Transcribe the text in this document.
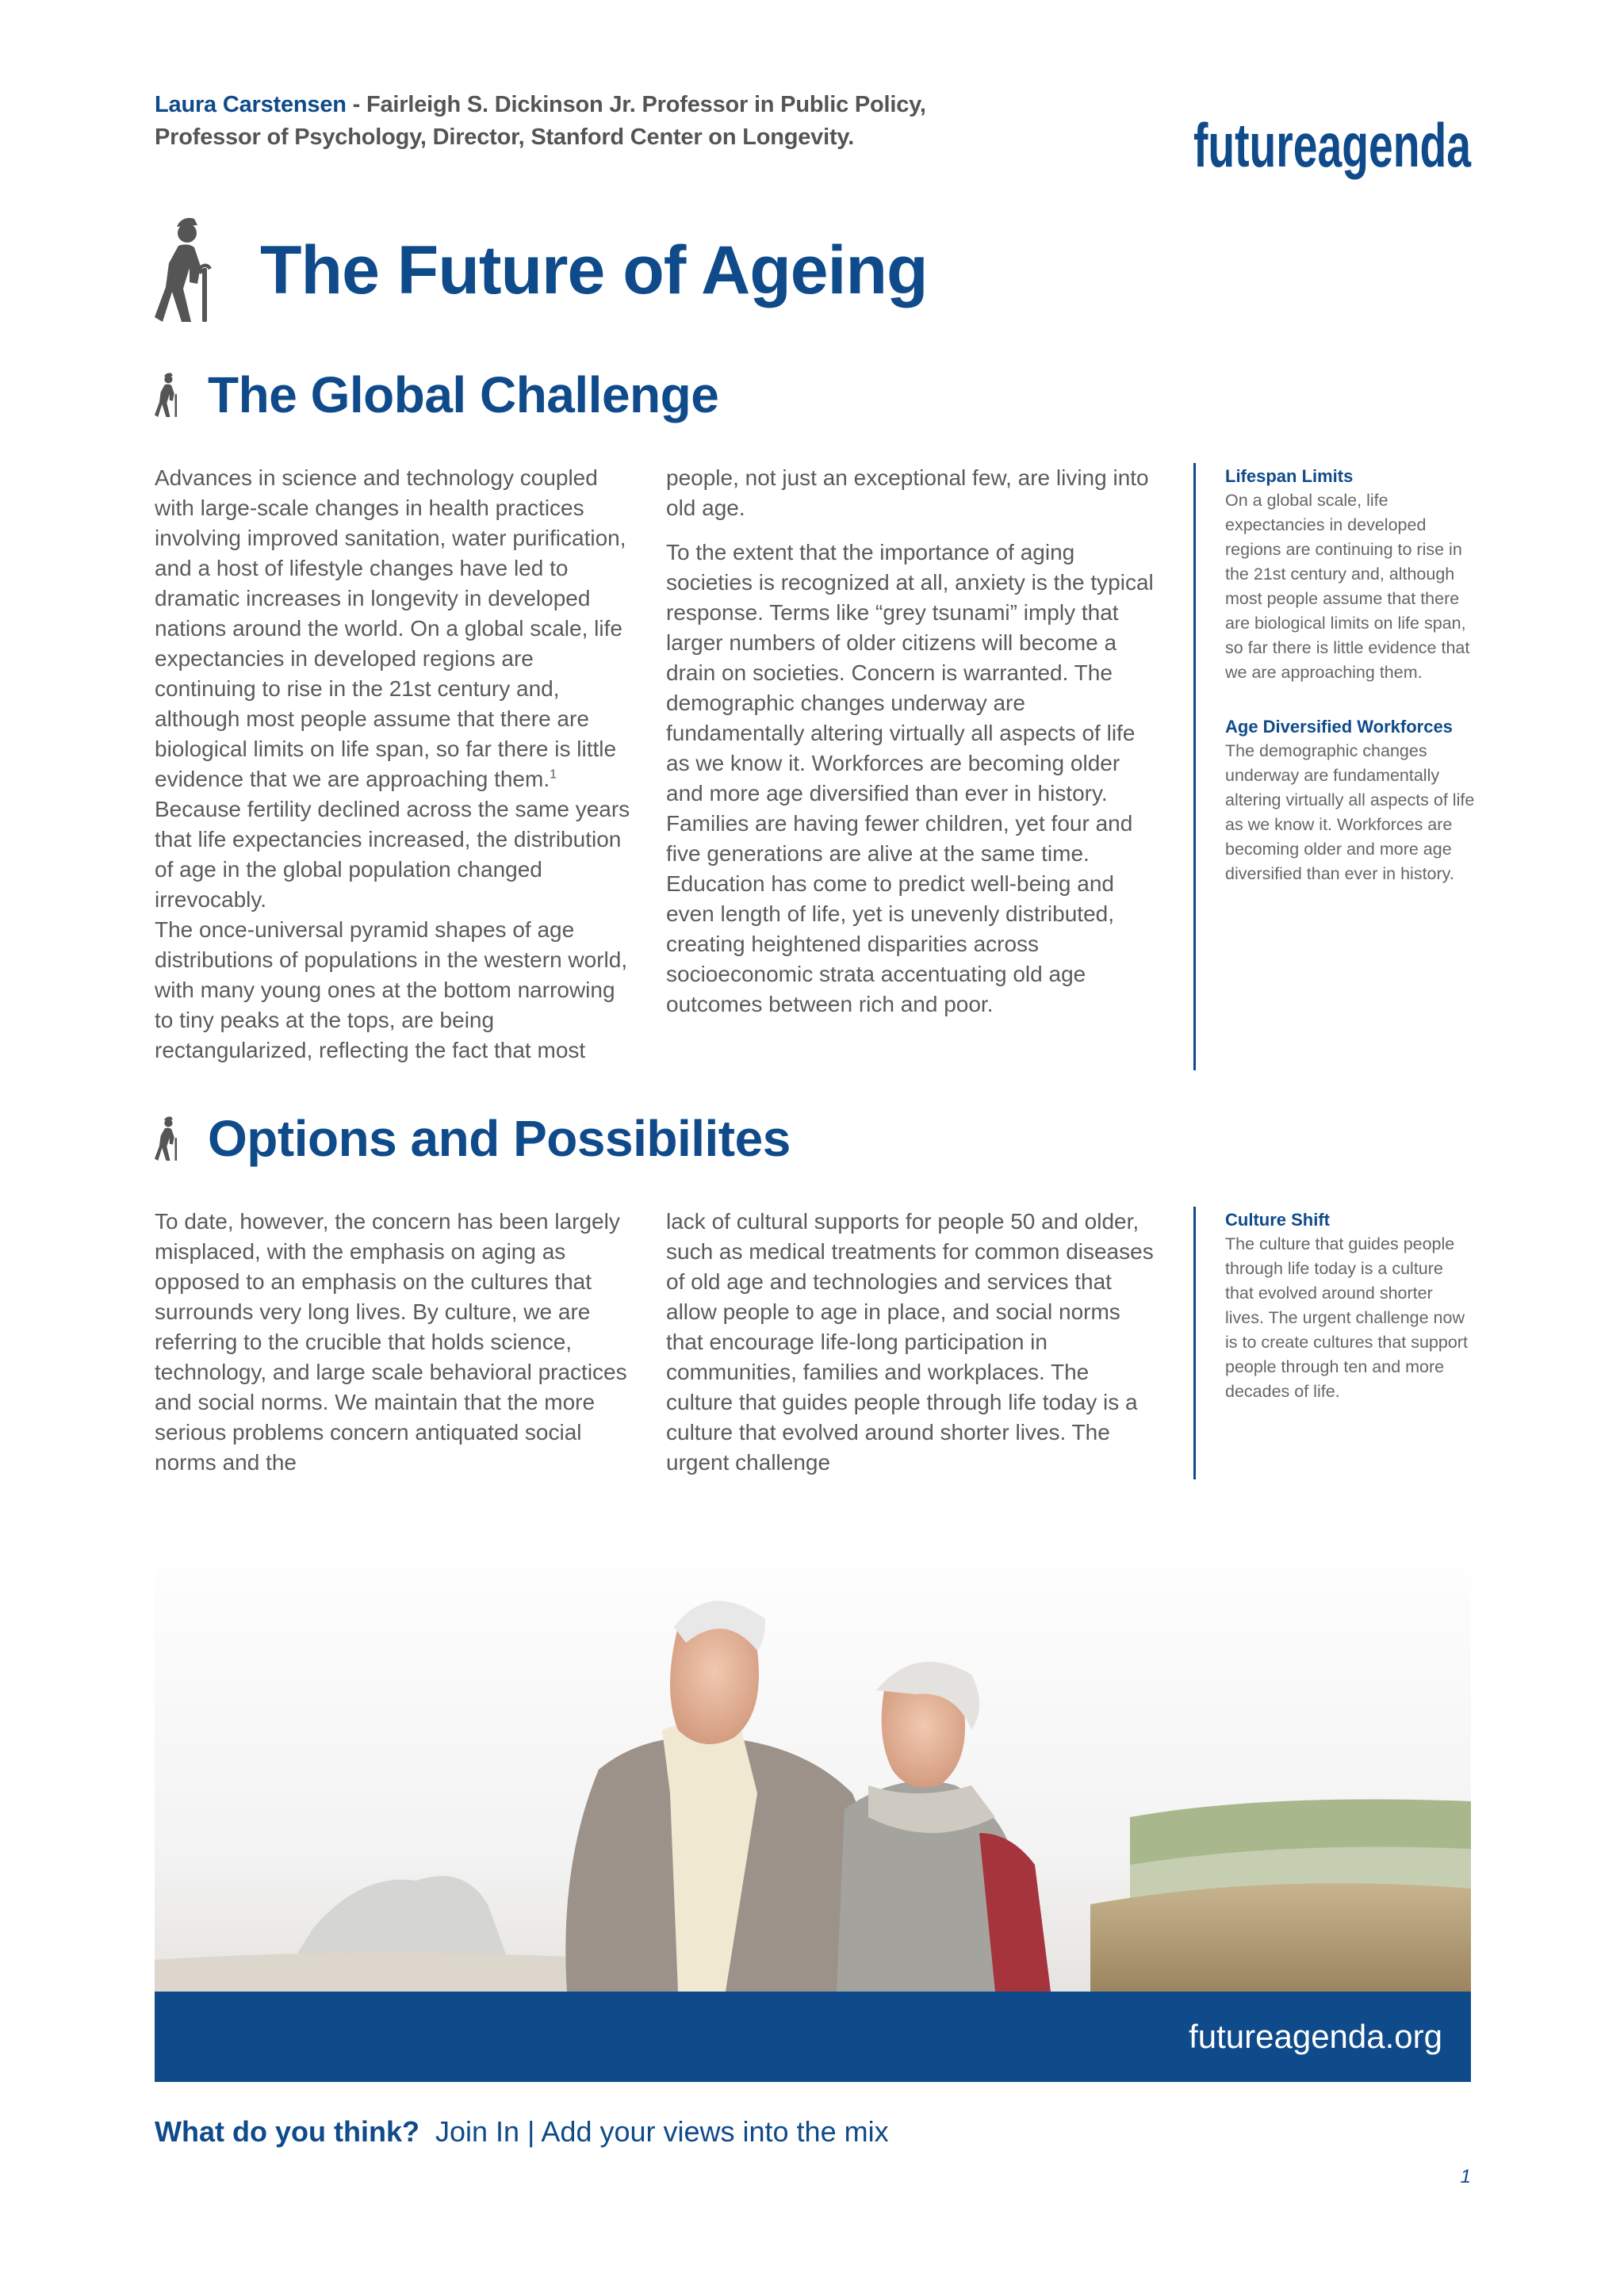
Laura Carstensen - Fairleigh S. Dickinson Jr. Professor in Public Policy,
Professor of Psychology, Director, Stanford Center on Longevity.	futureagenda
The Future of Ageing
The Global Challenge

Advances in science and technology coupled with large-scale changes in health practices involving improved sanitation, water purification, and a host of lifestyle changes have led to dramatic increases in longevity in developed nations around the world. On a global scale, life expectancies in developed regions are continuing to rise in the 21st century and, although most people assume that there are biological limits on life span, so far there is little evidence that we are approaching them.$^1$ Because fertility declined across the same years that life expectancies increased, the distribution of age in the global population changed irrevocably.

The once-universal pyramid shapes of age distributions of populations in the western world, with many young ones at the bottom narrowing to tiny peaks at the tops, are being rectangularized, reflecting the fact that most

people, not just an exceptional few, are living into old age.

To the extent that the importance of aging societies is recognized at all, anxiety is the typical response. Terms like “grey tsunami” imply that larger numbers of older citizens will become a drain on societies. Concern is warranted. The demographic changes underway are fundamentally altering virtually all aspects of life as we know it. Workforces are becoming older and more age diversified than ever in history. Families are having fewer children, yet four and five generations are alive at the same time. Education has come to predict well-being and even length of life, yet is unevenly distributed, creating heightened disparities across socioeconomic strata accentuating old age outcomes between rich and poor.

Lifespan Limits
On a global scale, life expectancies in developed regions are continuing to rise in the 21st century and, although most people assume that there are biological limits on life span, so far there is little evidence that we are approaching them.
Age Diversified Workforces
The demographic changes underway are fundamentally altering virtually all aspects of life as we know it. Workforces are becoming older and more age diversified than ever in history.
Options and Possibilites

To date, however, the concern has been largely misplaced, with the emphasis on aging as opposed to an emphasis on the cultures that surrounds very long lives. By culture, we are referring to the crucible that holds science, technology, and large scale behavioral practices and social norms. We maintain that the more serious problems concern antiquated social norms and the

lack of cultural supports for people 50 and older, such as medical treatments for common diseases of old age and technologies and services that allow people to age in place, and social norms that encourage life-long participation in communities, families and workplaces. The culture that guides people through life today is a culture that evolved around shorter lives. The urgent challenge

Culture Shift
The culture that guides people through life today is a culture that evolved around shorter lives. The urgent challenge now is to create cultures that support people through ten and more decades of life.
futureagenda.org
What do you think? Join In | Add your views into the mix
1
